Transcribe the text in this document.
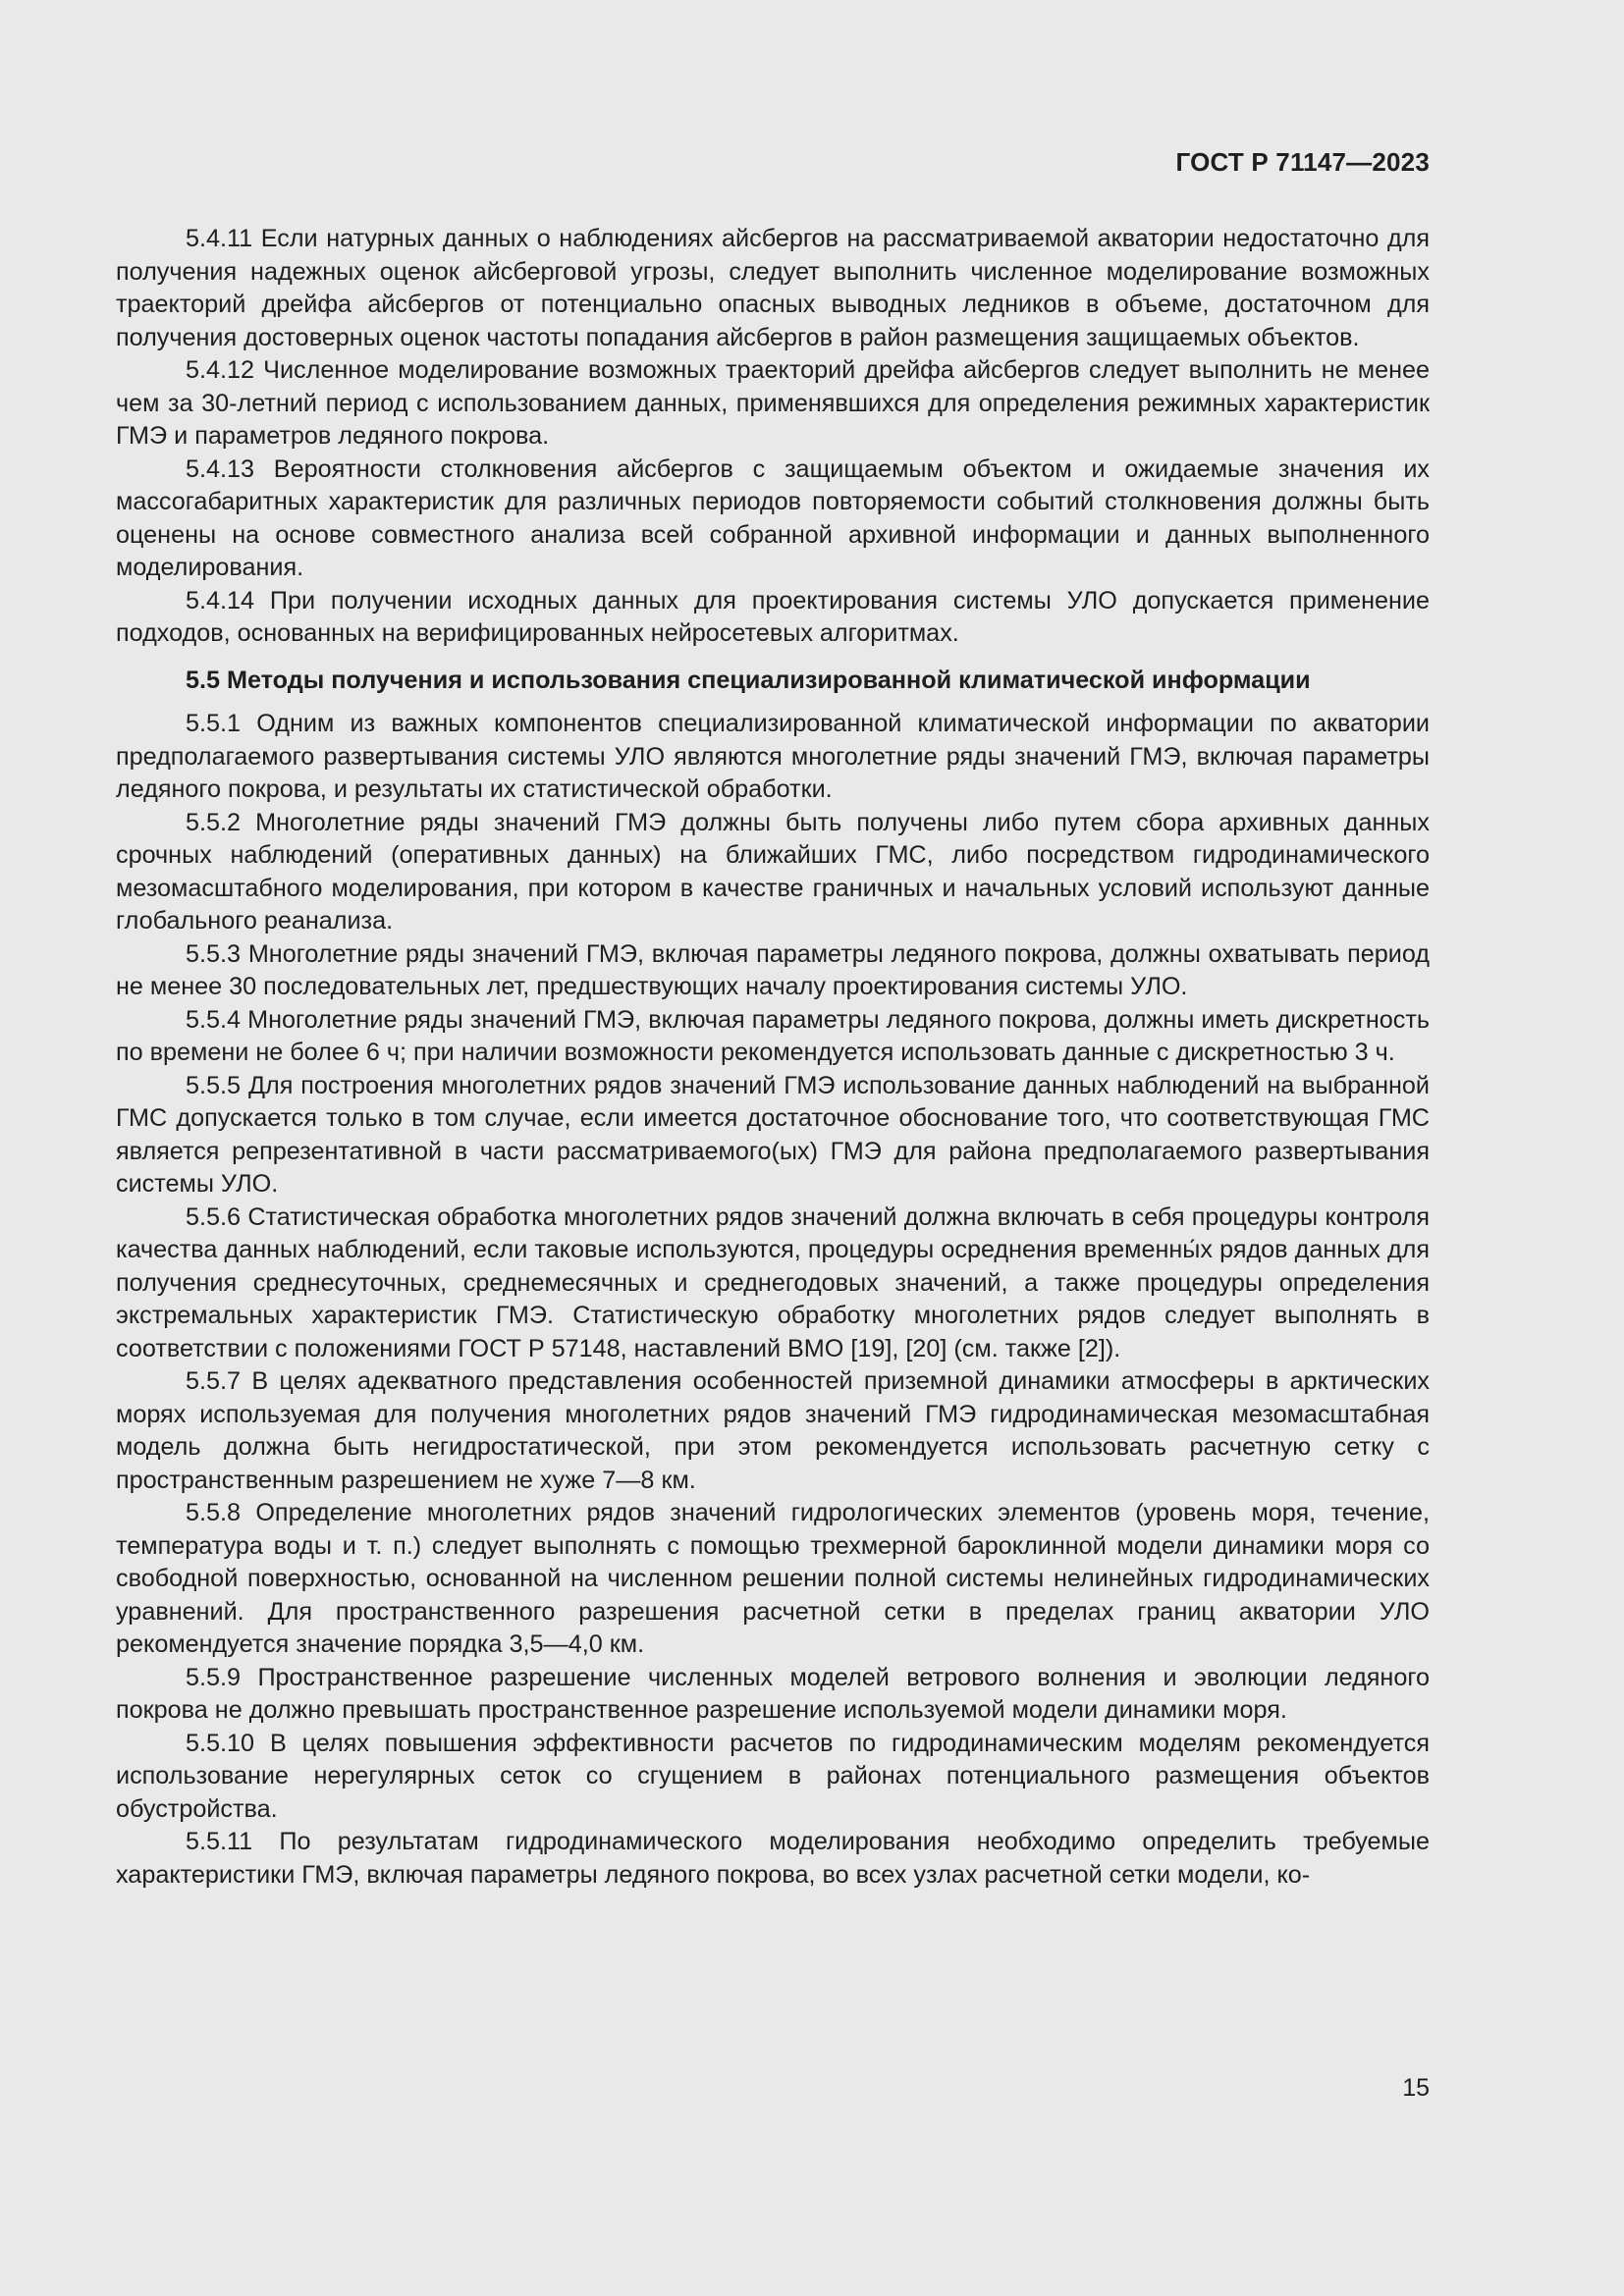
ГОСТ Р 71147—2023

5.4.11 Если натурных данных о наблюдениях айсбергов на рассматриваемой акватории недостаточно для получения надежных оценок айсберговой угрозы, следует выполнить численное моделирование возможных траекторий дрейфа айсбергов от потенциально опасных выводных ледников в объеме, достаточном для получения достоверных оценок частоты попадания айсбергов в район размещения защищаемых объектов.

5.4.12 Численное моделирование возможных траекторий дрейфа айсбергов следует выполнить не менее чем за 30-летний период с использованием данных, применявшихся для определения режимных характеристик ГМЭ и параметров ледяного покрова.

5.4.13 Вероятности столкновения айсбергов с защищаемым объектом и ожидаемые значения их массогабаритных характеристик для различных периодов повторяемости событий столкновения должны быть оценены на основе совместного анализа всей собранной архивной информации и данных выполненного моделирования.

5.4.14 При получении исходных данных для проектирования системы УЛО допускается применение подходов, основанных на верифицированных нейросетевых алгоритмах.

5.5 Методы получения и использования специализированной климатической информации

5.5.1 Одним из важных компонентов специализированной климатической информации по акватории предполагаемого развертывания системы УЛО являются многолетние ряды значений ГМЭ, включая параметры ледяного покрова, и результаты их статистической обработки.

5.5.2 Многолетние ряды значений ГМЭ должны быть получены либо путем сбора архивных данных срочных наблюдений (оперативных данных) на ближайших ГМС, либо посредством гидродинамического мезомасштабного моделирования, при котором в качестве граничных и начальных условий используют данные глобального реанализа.

5.5.3 Многолетние ряды значений ГМЭ, включая параметры ледяного покрова, должны охватывать период не менее 30 последовательных лет, предшествующих началу проектирования системы УЛО.

5.5.4 Многолетние ряды значений ГМЭ, включая параметры ледяного покрова, должны иметь дискретность по времени не более 6 ч; при наличии возможности рекомендуется использовать данные с дискретностью 3 ч.

5.5.5 Для построения многолетних рядов значений ГМЭ использование данных наблюдений на выбранной ГМС допускается только в том случае, если имеется достаточное обоснование того, что соответствующая ГМС является репрезентативной в части рассматриваемого(ых) ГМЭ для района предполагаемого развертывания системы УЛО.

5.5.6 Статистическая обработка многолетних рядов значений должна включать в себя процедуры контроля качества данных наблюдений, если таковые используются, процедуры осреднения временны́х рядов данных для получения среднесуточных, среднемесячных и среднегодовых значений, а также процедуры определения экстремальных характеристик ГМЭ. Статистическую обработку многолетних рядов следует выполнять в соответствии с положениями ГОСТ Р 57148, наставлений ВМО [19], [20] (см. также [2]).

5.5.7 В целях адекватного представления особенностей приземной динамики атмосферы в арктических морях используемая для получения многолетних рядов значений ГМЭ гидродинамическая мезомасштабная модель должна быть негидростатической, при этом рекомендуется использовать расчетную сетку с пространственным разрешением не хуже 7—8 км.

5.5.8 Определение многолетних рядов значений гидрологических элементов (уровень моря, течение, температура воды и т. п.) следует выполнять с помощью трехмерной бароклинной модели динамики моря со свободной поверхностью, основанной на численном решении полной системы нелинейных гидродинамических уравнений. Для пространственного разрешения расчетной сетки в пределах границ акватории УЛО рекомендуется значение порядка 3,5—4,0 км.

5.5.9 Пространственное разрешение численных моделей ветрового волнения и эволюции ледяного покрова не должно превышать пространственное разрешение используемой модели динамики моря.

5.5.10 В целях повышения эффективности расчетов по гидродинамическим моделям рекомендуется использование нерегулярных сеток со сгущением в районах потенциального размещения объектов обустройства.

5.5.11 По результатам гидродинамического моделирования необходимо определить требуемые характеристики ГМЭ, включая параметры ледяного покрова, во всех узлах расчетной сетки модели, ко-

15
